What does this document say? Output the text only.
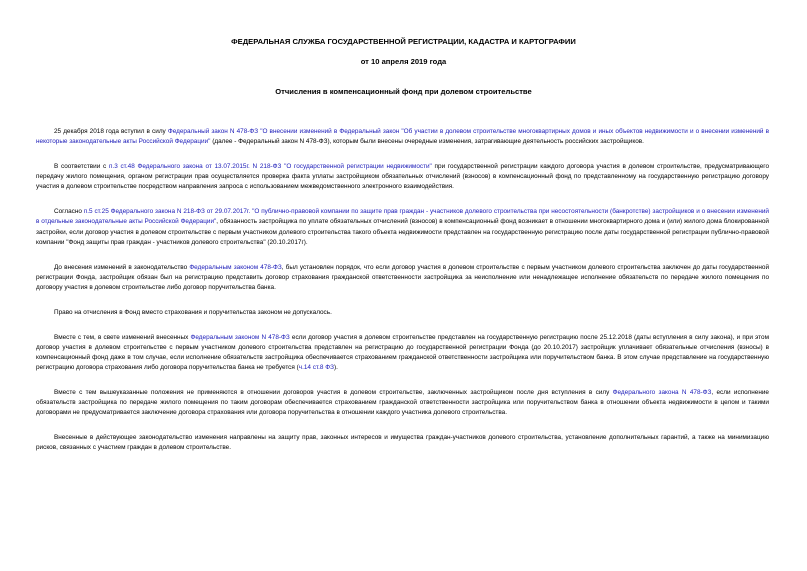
ФЕДЕРАЛЬНАЯ СЛУЖБА ГОСУДАРСТВЕННОЙ РЕГИСТРАЦИИ, КАДАСТРА И КАРТОГРАФИИ
от 10 апреля 2019 года
Отчисления в компенсационный фонд при долевом строительстве

25 декабря 2018 года вступил в силу Федеральный закон N 478-ФЗ "О внесении изменений в Федеральный закон "Об участии в долевом строительстве многоквартирных домов и иных объектов недвижимости и о внесении изменений в некоторые законодательные акты Российской Федерации" (далее - Федеральный закон N 478-ФЗ), которым были внесены очередные изменения, затрагивающие деятельность российских застройщиков.

В соответствии с п.3 ст.48 Федерального закона от 13.07.2015г. N 218-ФЗ "О государственной регистрации недвижимости" при государственной регистрации каждого договора участия в долевом строительстве, предусматривающего передачу жилого помещения, органом регистрации прав осуществляется проверка факта уплаты застройщиком обязательных отчислений (взносов) в компенсационный фонд по представленному на государственную регистрацию договору участия в долевом строительстве посредством направления запроса с использованием межведомственного электронного взаимодействия.

Согласно п.5 ст.25 Федерального закона N 218-ФЗ от 29.07.2017г. "О публично-правовой компании по защите прав граждан - участников долевого строительства при несостоятельности (банкротстве) застройщиков и о внесении изменений в отдельные законодательные акты Российской Федерации", обязанность застройщика по уплате обязательных отчислений (взносов) в компенсационный фонд возникает в отношении многоквартирного дома и (или) жилого дома блокированной застройки, если договор участия в долевом строительстве с первым участником долевого строительства такого объекта недвижимости представлен на государственную регистрацию после даты государственной регистрации публично-правовой компании "Фонд защиты прав граждан - участников долевого строительства" (20.10.2017г).

До внесения изменений в законодательство Федеральным законом 478-ФЗ, был установлен порядок, что если договор участия в долевом строительстве с первым участником долевого строительства заключен до даты государственной регистрации Фонда, застройщик обязан был на регистрацию представить договор страхования гражданской ответственности застройщика за неисполнение или ненадлежащее исполнение обязательств по передаче жилого помещения по договору участия в долевом строительстве либо договор поручительства банка.

Право на отчисления в Фонд вместо страхования и поручительства законом не допускалось.

Вместе с тем, в свете изменений внесенных Федеральным законом N 478-ФЗ если договор участия в долевом строительстве представлен на государственную регистрацию после 25.12.2018 (даты вступления в силу закона), и при этом договор участия в долевом строительстве с первым участником долевого строительства представлен на регистрацию до государственной регистрации Фонда (до 20.10.2017) застройщик уплачивает обязательные отчисления (взносы) в компенсационный фонд даже в том случае, если исполнение обязательств застройщика обеспечивается страхованием гражданской ответственности застройщика или поручительством банка. В этом случае представление на государственную регистрацию договора страхования либо договора поручительства банка не требуется (ч.14 ст.8 ФЗ).

Вместе с тем вышеуказанные положения не применяются в отношении договоров участия в долевом строительстве, заключенных застройщиком после дня вступления в силу Федерального закона N 478-ФЗ, если исполнение обязательств застройщика по передаче жилого помещения по таким договорам обеспечивается страхованием гражданской ответственности застройщика или поручительством банка в отношении объекта недвижимости в целом и такими договорами не предусматривается заключение договора страхования или договора поручительства в отношении каждого участника долевого строительства.

Внесенные в действующее законодательство изменения направлены на защиту прав, законных интересов и имущества граждан-участников долевого строительства, установление дополнительных гарантий, а также на минимизацию рисков, связанных с участием граждан в долевом строительстве.
